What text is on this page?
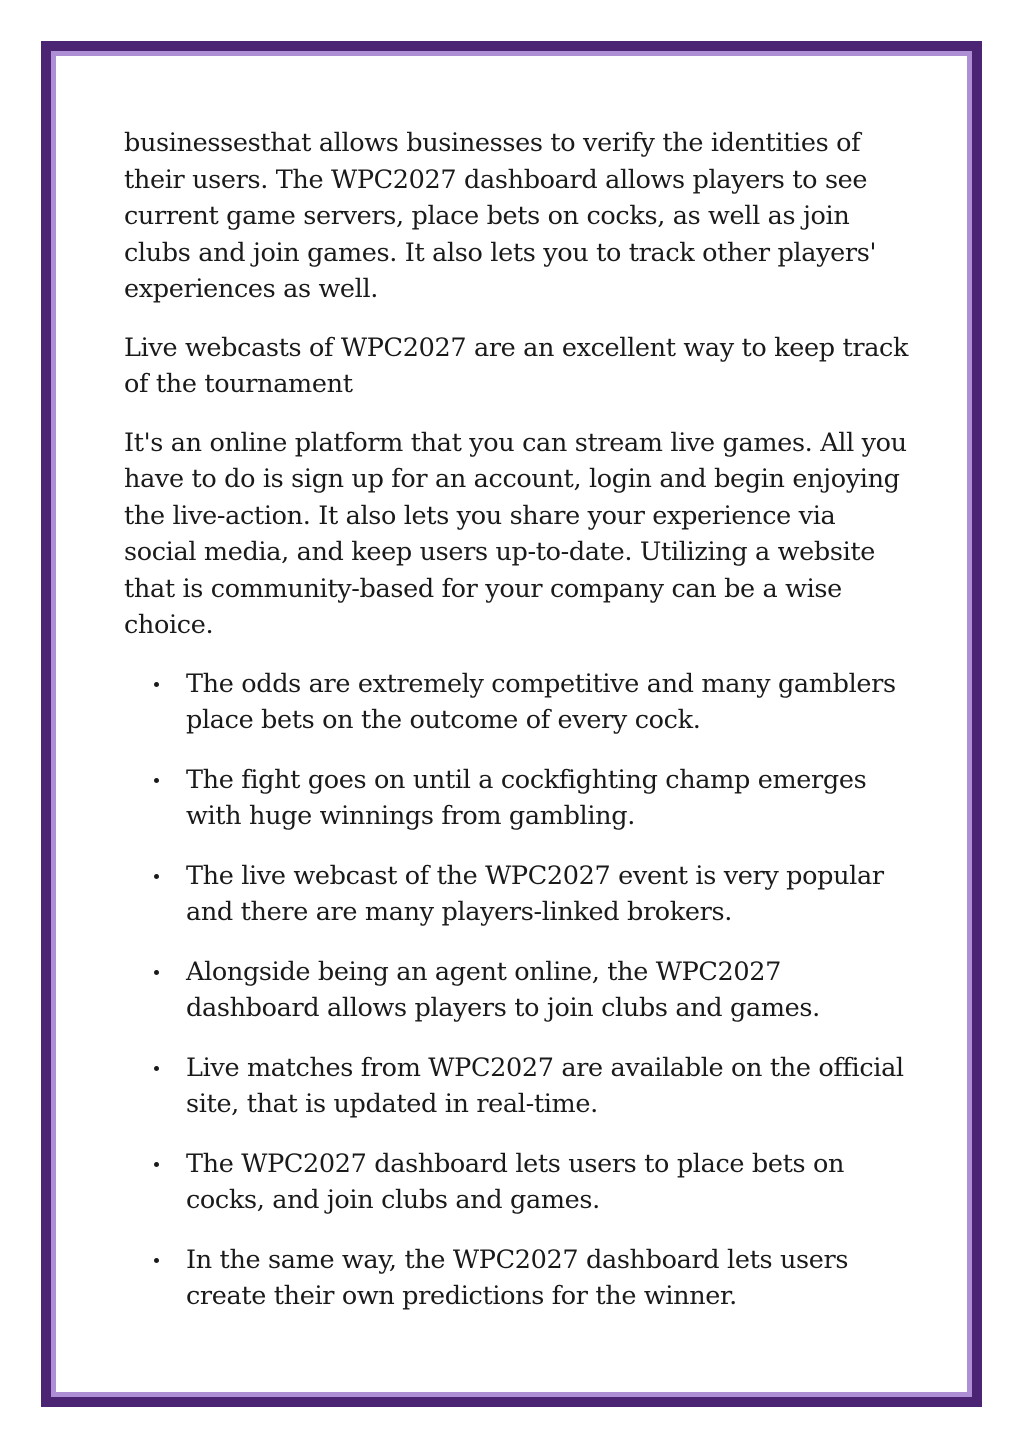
businessesthat allows businesses to verify the identities of their users. The WPC2027 dashboard allows players to see current game servers, place bets on cocks, as well as join clubs and join games. It also lets you to track other players' experiences as well.

Live webcasts of WPC2027 are an excellent way to keep track of the tournament

It's an online platform that you can stream live games. All you have to do is sign up for an account, login and begin enjoying the live-action. It also lets you share your experience via social media, and keep users up-to-date. Utilizing a website that is community-based for your company can be a wise choice.

The odds are extremely competitive and many gamblers place bets on the outcome of every cock.
The fight goes on until a cockfighting champ emerges with huge winnings from gambling.
The live webcast of the WPC2027 event is very popular and there are many players-linked brokers.
Alongside being an agent online, the WPC2027 dashboard allows players to join clubs and games.
Live matches from WPC2027 are available on the official site, that is updated in real-time.
The WPC2027 dashboard lets users to place bets on cocks, and join clubs and games.
In the same way, the WPC2027 dashboard lets users create their own predictions for the winner.
